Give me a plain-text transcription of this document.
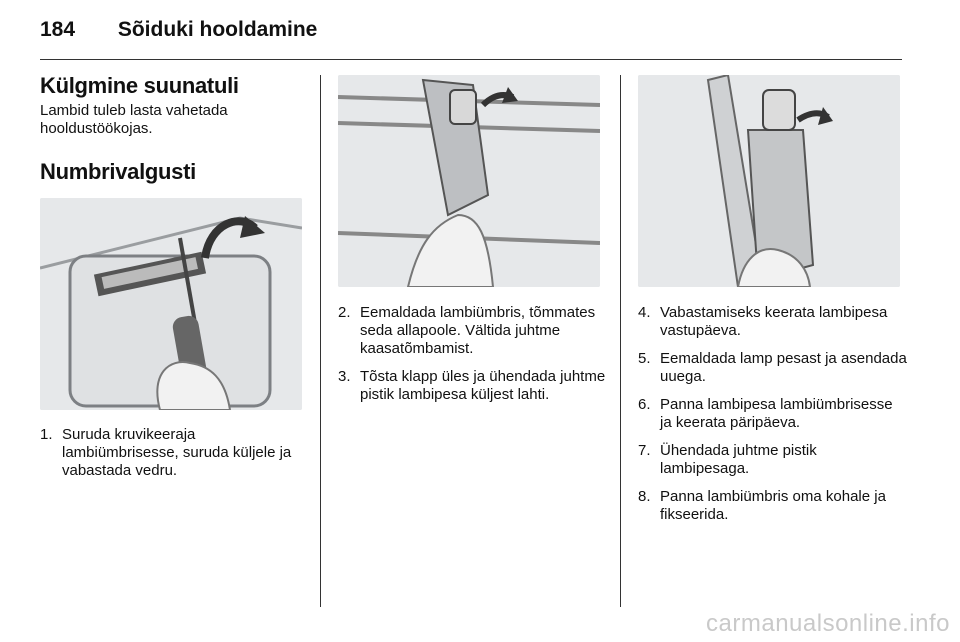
184 Sõiduki hooldamine
Külgmine suunatuli

Lambid tuleb lasta vahetada hooldustöökojas.

Numbrivalgusti
1. Suruda kruvikeeraja lambiümbrisesse, suruda küljele ja vabastada vedru.
2. Eemaldada lambiümbris, tõmmates seda allapoole. Vältida juhtme kaasatõmbamist.
3. Tõsta klapp üles ja ühendada juhtme pistik lambipesa küljest lahti.
4. Vabastamiseks keerata lambipesa vastupäeva.
5. Eemaldada lamp pesast ja asendada uuega.
6. Panna lambipesa lambiümbrisesse ja keerata päripäeva.
7. Ühendada juhtme pistik lambipesaga.
8. Panna lambiümbris oma kohale ja fikseerida.
carmanualsonline.info
